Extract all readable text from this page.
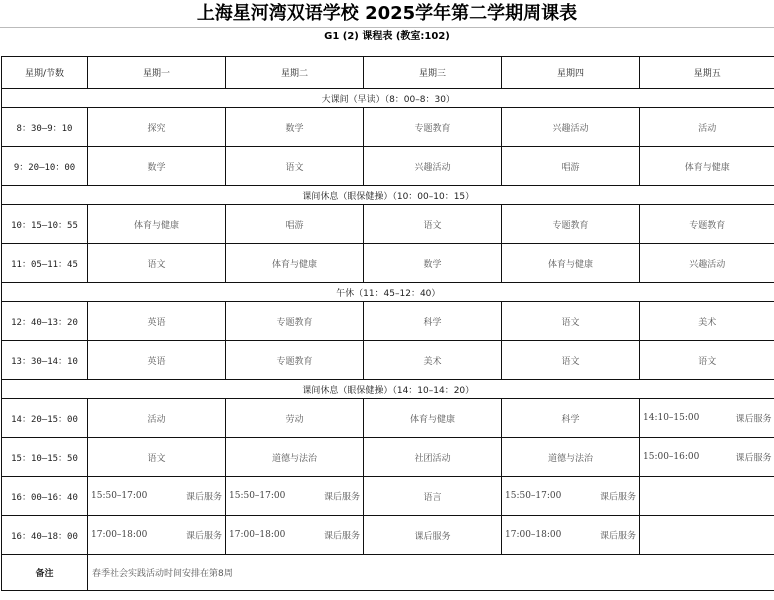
上海星河湾双语学校 2025学年第二学期周课表
G1 (2) 课程表 (教室:102)
星期/节数	星期一	星期二	星期三	星期四	星期五
大课间（早读）（8：00–8：30）					
8：30–9：10	探究	数学	专题教育	兴趣活动	活动
9：20–10：00	数学	语文	兴趣活动	唱游	体育与健康
课间休息（眼保健操）（10：00–10：15）					
10：15–10：55	体育与健康	唱游	语文	专题教育	专题教育
11：05–11：45	语文	体育与健康	数学	体育与健康	兴趣活动
午休（11：45–12：40）					
12：40–13：20	英语	专题教育	科学	语文	美术
13：30–14：10	英语	专题教育	美术	语文	语文
课间休息（眼保健操）（14：10–14：20）					
14：20–15：00	活动	劳动	体育与健康	科学	14:10–15:00 课后服务

15：10–15：50	语文	道德与法治	社团活动	道德与法治	15:00–16:00 课后服务

16：00–16：40	15:50–17:00 课后服务	15:50–17:00 课后服务	语言	15:50–17:00 课后服务	

16：40–18：00	17:00–18:00 课后服务	17:00–18:00 课后服务	课后服务	17:00–18:00 课后服务	

备注	春季社会实践活动时间安排在第8周				
